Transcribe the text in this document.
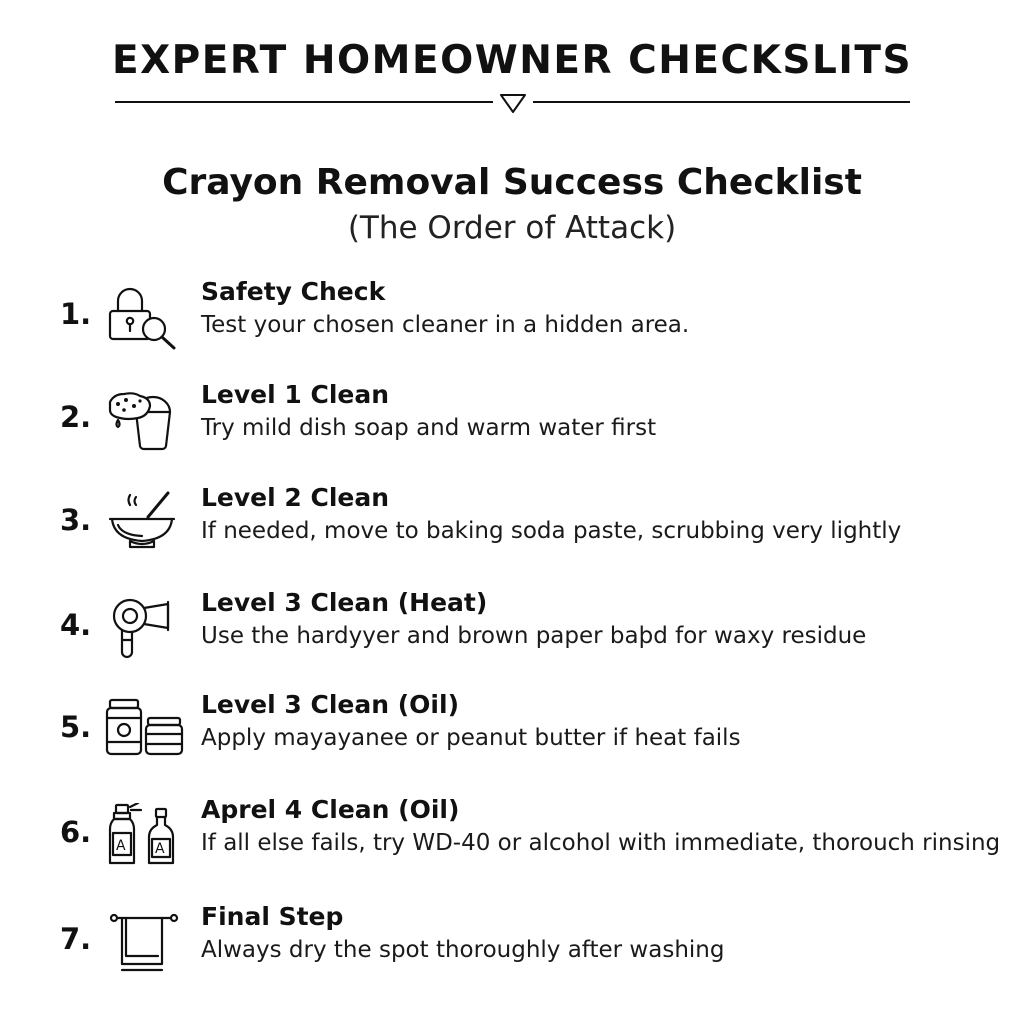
EXPERT HOMEOWNER CHECKSLITS
Crayon Removal Success Checklist
(The Order of Attack)
1.
Safety Check
Test your chosen cleaner in a hidden area.
2.
Level 1 Clean
Try mild dish soap and warm water first
3.
Level 2 Clean
If needed, move to baking soda paste, scrubbing very lightly
4.
Level 3 Clean (Heat)
Use the hardyyer and brown paper baþd for waxy residue
5.
Level 3 Clean (Oil)
Apply mayayanee or peanut butter if heat fails
6. A A
Aprel 4 Clean (Oil)
If all else fails, try WD-40 or alcohol with immediate, thorouch rinsing
7.
Final Step
Always dry the spot thoroughly after washing
